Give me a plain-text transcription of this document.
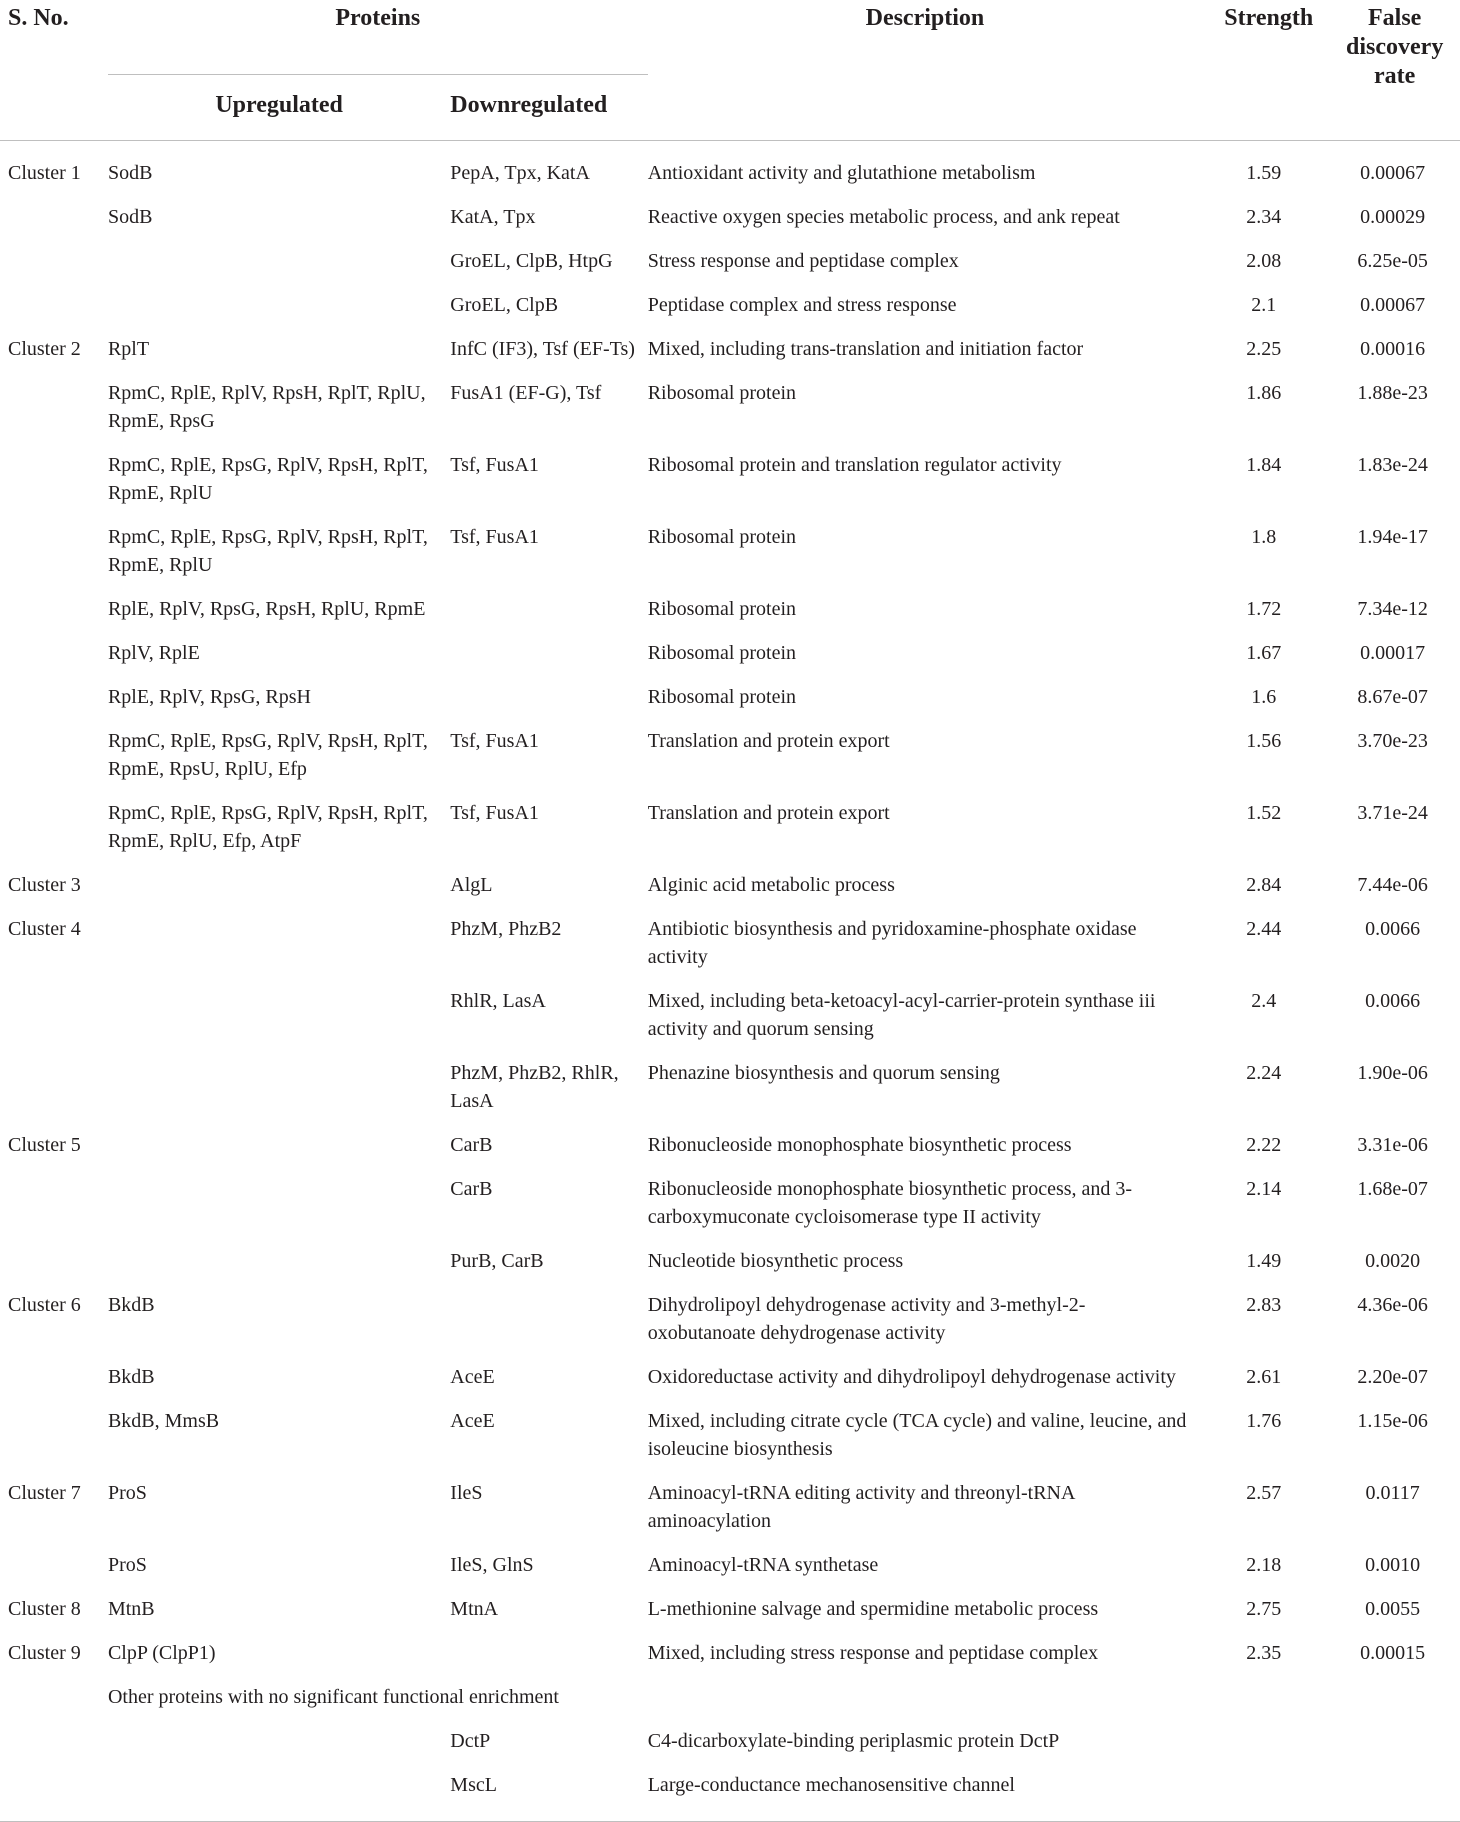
S. No.	Proteins		Description	Strength	False discovery rate
	Upregulated	Downregulated			

Cluster 1	SodB	PepA, Tpx, KatA	Antioxidant activity and glutathione metabolism	1.59	0.00067
	SodB	KatA, Tpx	Reactive oxygen species metabolic process, and ank repeat	2.34	0.00029
		GroEL, ClpB, HtpG	Stress response and peptidase complex	2.08	6.25e-05
		GroEL, ClpB	Peptidase complex and stress response	2.1	0.00067
Cluster 2	RplT	InfC (IF3), Tsf (EF-Ts)	Mixed, including trans-translation and initiation factor	2.25	0.00016
	RpmC, RplE, RplV, RpsH, RplT, RplU, RpmE, RpsG	FusA1 (EF-G), Tsf	Ribosomal protein	1.86	1.88e-23
	RpmC, RplE, RpsG, RplV, RpsH, RplT, RpmE, RplU	Tsf, FusA1	Ribosomal protein and translation regulator activity	1.84	1.83e-24
	RpmC, RplE, RpsG, RplV, RpsH, RplT, RpmE, RplU	Tsf, FusA1	Ribosomal protein	1.8	1.94e-17
	RplE, RplV, RpsG, RpsH, RplU, RpmE		Ribosomal protein	1.72	7.34e-12
	RplV, RplE		Ribosomal protein	1.67	0.00017
	RplE, RplV, RpsG, RpsH		Ribosomal protein	1.6	8.67e-07
	RpmC, RplE, RpsG, RplV, RpsH, RplT, RpmE, RpsU, RplU, Efp	Tsf, FusA1	Translation and protein export	1.56	3.70e-23
	RpmC, RplE, RpsG, RplV, RpsH, RplT, RpmE, RplU, Efp, AtpF	Tsf, FusA1	Translation and protein export	1.52	3.71e-24
Cluster 3		AlgL	Alginic acid metabolic process	2.84	7.44e-06
Cluster 4		PhzM, PhzB2	Antibiotic biosynthesis and pyridoxamine-phosphate oxidase activity	2.44	0.0066
		RhlR, LasA	Mixed, including beta-ketoacyl-acyl-carrier-protein synthase iii activity and quorum sensing	2.4	0.0066
		PhzM, PhzB2, RhlR, LasA	Phenazine biosynthesis and quorum sensing	2.24	1.90e-06
Cluster 5		CarB	Ribonucleoside monophosphate biosynthetic process	2.22	3.31e-06
		CarB	Ribonucleoside monophosphate biosynthetic process, and 3-carboxymuconate cycloisomerase type II activity	2.14	1.68e-07
		PurB, CarB	Nucleotide biosynthetic process	1.49	0.0020
Cluster 6	BkdB		Dihydrolipoyl dehydrogenase activity and 3-methyl-2-oxobutanoate dehydrogenase activity	2.83	4.36e-06
	BkdB	AceE	Oxidoreductase activity and dihydrolipoyl dehydrogenase activity	2.61	2.20e-07
	BkdB, MmsB	AceE	Mixed, including citrate cycle (TCA cycle) and valine, leucine, and isoleucine biosynthesis	1.76	1.15e-06
Cluster 7	ProS	IleS	Aminoacyl-tRNA editing activity and threonyl-tRNA aminoacylation	2.57	0.0117
	ProS	IleS, GlnS	Aminoacyl-tRNA synthetase	2.18	0.0010
Cluster 8	MtnB	MtnA	L-methionine salvage and spermidine metabolic process	2.75	0.0055
Cluster 9	ClpP (ClpP1)		Mixed, including stress response and peptidase complex	2.35	0.00015
	Other proteins with no significant functional enrichment				
		DctP	C4-dicarboxylate-binding periplasmic protein DctP		
		MscL	Large-conductance mechanosensitive channel		
